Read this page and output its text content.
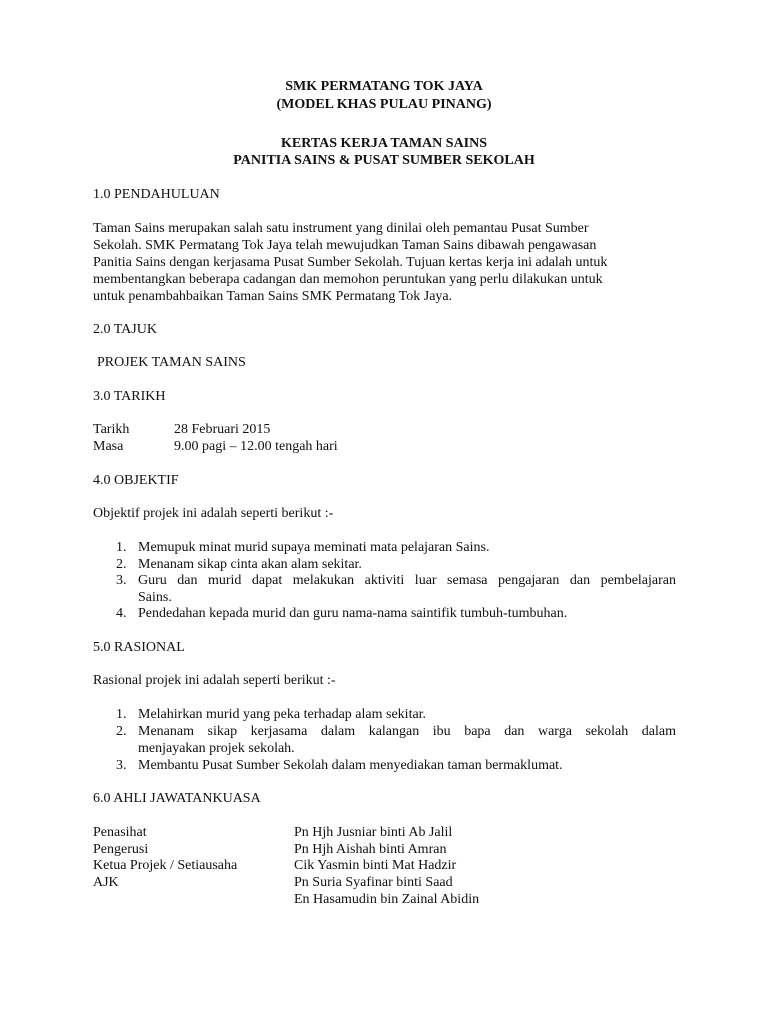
SMK PERMATANG TOK JAYA
(MODEL KHAS PULAU PINANG)
KERTAS KERJA TAMAN SAINS
PANITIA SAINS & PUSAT SUMBER SEKOLAH
1.0 PENDAHULUAN
Taman Sains merupakan salah satu instrument yang dinilai oleh pemantau Pusat Sumber
Sekolah. SMK Permatang Tok Jaya telah mewujudkan Taman Sains dibawah pengawasan
Panitia Sains dengan kerjasama Pusat Sumber Sekolah. Tujuan kertas kerja ini adalah untuk
membentangkan beberapa cadangan dan memohon peruntukan yang perlu dilakukan untuk
untuk penambahbaikan Taman Sains SMK Permatang Tok Jaya.
2.0 TAJUK
PROJEK TAMAN SAINS
3.0 TARIKH
Tarikh	28 Februari 2015
Masa	9.00 pagi – 12.00 tengah hari
4.0 OBJEKTIF
Objektif projek ini adalah seperti berikut :-
1. Memupuk minat murid supaya meminati mata pelajaran Sains.
2. Menanam sikap cinta akan alam sekitar.
3. Guru dan murid dapat melakukan aktiviti luar semasa pengajaran dan pembelajaran
Sains.
4. Pendedahan kepada murid dan guru nama-nama saintifik tumbuh-tumbuhan.
5.0 RASIONAL
Rasional projek ini adalah seperti berikut :-
1. Melahirkan murid yang peka terhadap alam sekitar.
2. Menanam sikap kerjasama dalam kalangan ibu bapa dan warga sekolah dalam
menjayakan projek sekolah.
3. Membantu Pusat Sumber Sekolah dalam menyediakan taman bermaklumat.
6.0 AHLI JAWATANKUASA
Penasihat	Pn Hjh Jusniar binti Ab Jalil
Pengerusi	Pn Hjh Aishah binti Amran
Ketua Projek / Setiausaha	Cik Yasmin binti Mat Hadzir
AJK	Pn Suria Syafinar binti Saad
En Hasamudin bin Zainal Abidin
